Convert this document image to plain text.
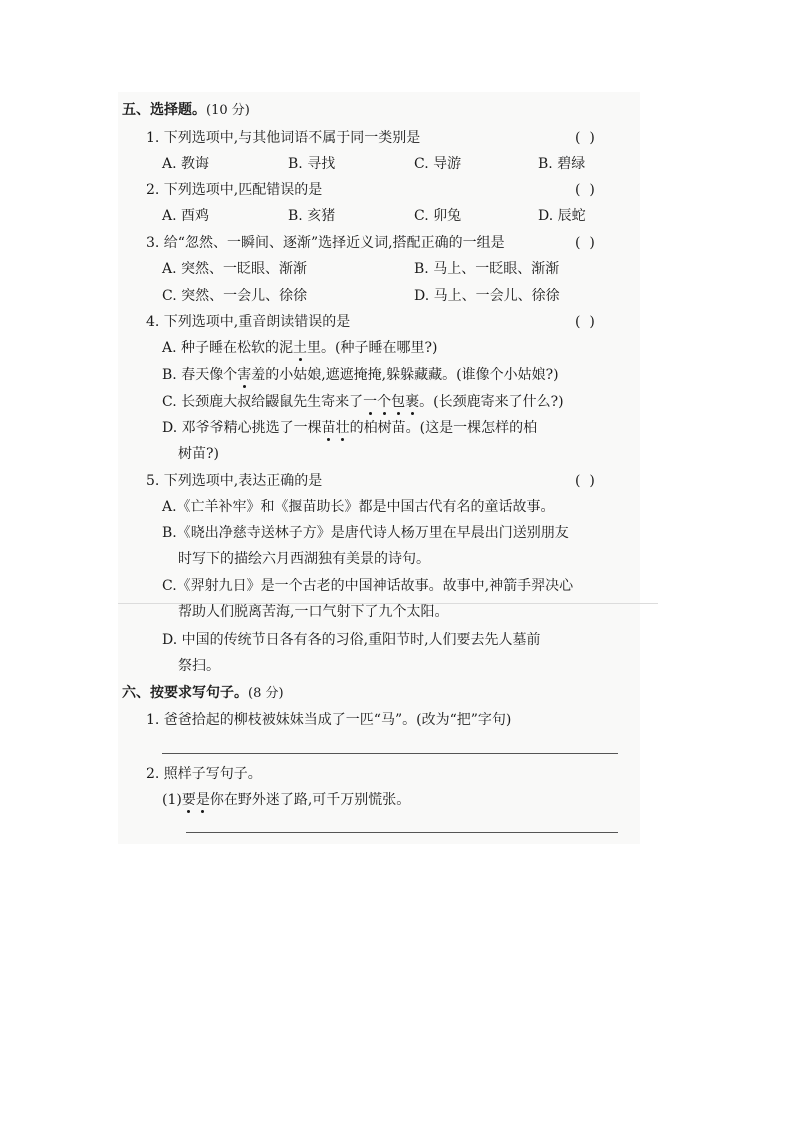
五、选择题。(10 分)
1. 下列选项中,与其他词语不属于同一类别是	(  )
A. 教诲	B. 寻找	C. 导游	B. 碧绿
2. 下列选项中,匹配错误的是	(  )
A. 酉鸡	B. 亥猪	C. 卯兔	D. 辰蛇
3. 给“忽然、一瞬间、逐渐”选择近义词,搭配正确的一组是	(  )
A. 突然、一眨眼、渐渐	B. 马上、一眨眼、渐渐
C. 突然、一会儿、徐徐	D. 马上、一会儿、徐徐
4. 下列选项中,重音朗读错误的是	(  )
A. 种子睡在松软的泥土里。(种子睡在哪里?)
B. 春天像个害羞的小姑娘,遮遮掩掩,躲躲藏藏。(谁像个小姑娘?)
C. 长颈鹿大叔给鼹鼠先生寄来了一个包裹。(长颈鹿寄来了什么?)
D. 邓爷爷精心挑选了一棵苗壮的柏树苗。(这是一棵怎样的柏
树苗?)
5. 下列选项中,表达正确的是	(  )
A.《亡羊补牢》和《揠苗助长》都是中国古代有名的童话故事。
B.《晓出净慈寺送林子方》是唐代诗人杨万里在早晨出门送别朋友
时写下的描绘六月西湖独有美景的诗句。
C.《羿射九日》是一个古老的中国神话故事。故事中,神箭手羿决心
帮助人们脱离苦海,一口气射下了九个太阳。
D. 中国的传统节日各有各的习俗,重阳节时,人们要去先人墓前
祭扫。
六、按要求写句子。(8 分)
1. 爸爸拾起的柳枝被妹妹当成了一匹“马”。(改为“把”字句)
2. 照样子写句子。
(1)要是你在野外迷了路,可千万别慌张。
